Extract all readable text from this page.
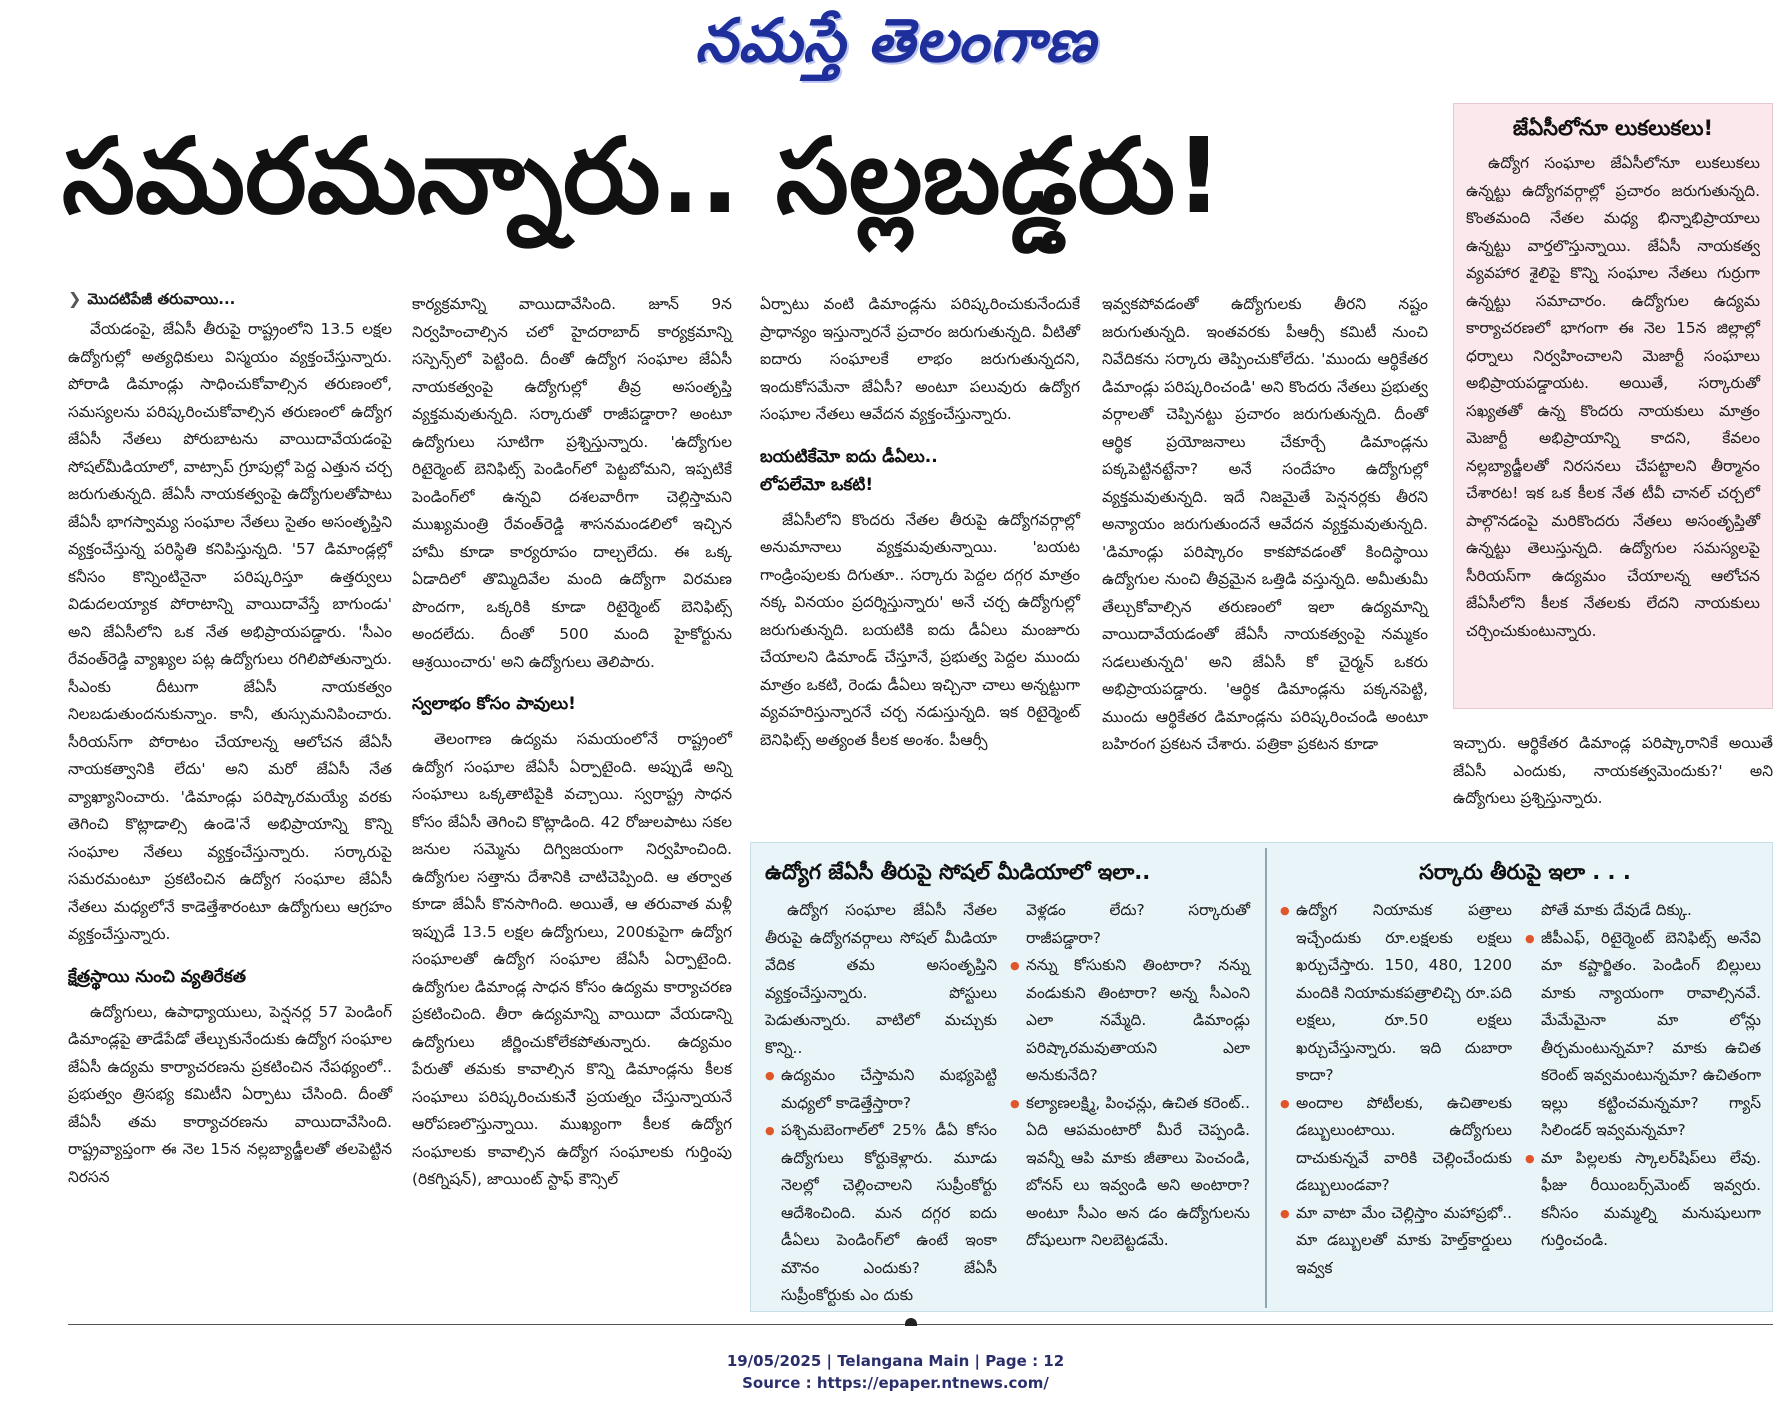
నమస్తే తెలంగాణ
సమరమన్నారు.. సల్లబడ్డరు!
❯ మొదటిపేజీ తరువాయి...

వేయడంపై, జేఏసీ తీరుపై రాష్ట్రంలోని 13.5 లక్షల ఉద్యోగుల్లో అత్యధికులు విస్మయం వ్యక్తంచేస్తున్నారు. పోరాడి డిమాండ్లు సాధించుకోవాల్సిన తరుణంలో, సమస్యలను పరిష్కరించుకోవాల్సిన తరుణంలో ఉద్యోగ జేఏసీ నేతలు పోరుబాటను వాయిదావేయడంపై సోషల్‌మీడియాలో, వాట్సాప్ గ్రూపుల్లో పెద్ద ఎత్తున చర్చ జరుగుతున్నది. జేఏసీ నాయకత్వంపై ఉద్యోగులతోపాటు జేఏసీ భాగస్వామ్య సంఘాల నేతలు సైతం అసంతృప్తిని వ్యక్తంచేస్తున్న పరిస్థితి కనిపిస్తున్నది. '57 డిమాండ్లల్లో కనీసం కొన్నింటినైనా పరిష్కరిస్తూ ఉత్తర్వులు విడుదలయ్యాక పోరాటాన్ని వాయిదావేస్తే బాగుండు' అని జేఏసీలోని ఒక నేత అభిప్రాయపడ్డారు. 'సీఎం రేవంత్‌రెడ్డి వ్యాఖ్యల పట్ల ఉద్యోగులు రగిలిపోతున్నారు. సీఎంకు దీటుగా జేఏసీ నాయకత్వం నిలబడుతుందనుకున్నాం. కానీ, తుస్సుమనిపించారు. సీరియస్‌గా పోరాటం చేయాలన్న ఆలోచన జేఏసీ నాయకత్వానికి లేదు' అని మరో జేఏసీ నేత వ్యాఖ్యానించారు. 'డిమాండ్లు పరిష్కారమయ్యే వరకు తెగించి కొట్లాడాల్సి ఉండె'నే అభిప్రాయాన్ని కొన్ని సంఘాల నేతలు వ్యక్తంచేస్తున్నారు. సర్కారుపై సమరమంటూ ప్రకటించిన ఉద్యోగ సంఘాల జేఏసీ నేతలు మధ్యలోనే కాడెత్తేశారంటూ ఉద్యోగులు ఆగ్రహం వ్యక్తంచేస్తున్నారు.

క్షేత్రస్థాయి నుంచి వ్యతిరేకత

ఉద్యోగులు, ఉపాధ్యాయులు, పెన్షనర్ల 57 పెండింగ్ డిమాండ్లపై తాడేపేడో తేల్చుకునేందుకు ఉద్యోగ సంఘాల జేఏసీ ఉద్యమ కార్యాచరణను ప్రకటించిన నేపథ్యంలో.. ప్రభుత్వం త్రిసభ్య కమిటీని ఏర్పాటు చేసింది. దీంతో జేఏసీ తమ కార్యాచరణను వాయిదావేసింది. రాష్ట్రవ్యాప్తంగా ఈ నెల 15న నల్లబ్యాడ్జీలతో తలపెట్టిన నిరసన

కార్యక్రమాన్ని వాయిదావేసింది. జూన్ 9న నిర్వహించాల్సిన చలో హైదరాబాద్ కార్యక్రమాన్ని సస్పెన్స్‌లో పెట్టింది. దీంతో ఉద్యోగ సంఘాల జేఏసీ నాయకత్వంపై ఉద్యోగుల్లో తీవ్ర అసంతృప్తి వ్యక్తమవుతున్నది. సర్కారుతో రాజీపడ్డారా? అంటూ ఉద్యోగులు సూటిగా ప్రశ్నిస్తున్నారు. 'ఉద్యోగుల రిటైర్మెంట్ బెనిఫిట్స్ పెండింగ్‌లో పెట్టబోమని, ఇప్పటికే పెండింగ్‌లో ఉన్నవి దశలవారీగా చెల్లిస్తామని ముఖ్యమంత్రి రేవంత్‌రెడ్డి శాసనమండలిలో ఇచ్చిన హామీ కూడా కార్యరూపం దాల్చలేదు. ఈ ఒక్క ఏడాదిలో తొమ్మిదివేల మంది ఉద్యోగా విరమణ పొందగా, ఒక్కరికి కూడా రిటైర్మెంట్ బెనిఫిట్స్ అందలేదు. దీంతో 500 మంది హైకోర్టును ఆశ్రయించారు' అని ఉద్యోగులు తెలిపారు.

స్వలాభం కోసం పావులు!

తెలంగాణ ఉద్యమ సమయంలోనే రాష్ట్రంలో ఉద్యోగ సంఘాల జేఏసీ ఏర్పాటైంది. అప్పుడే అన్ని సంఘాలు ఒక్కతాటిపైకి వచ్చాయి. స్వరాష్ట్ర సాధన కోసం జేఏసీ తెగించి కొట్లాడింది. 42 రోజులపాటు సకల జనుల సమ్మెను దిగ్విజయంగా నిర్వహించింది. ఉద్యోగుల సత్తాను దేశానికి చాటిచెప్పింది. ఆ తర్వాత కూడా జేఏసీ కొనసాగింది. అయితే, ఆ తరువాత మళ్లీ ఇప్పుడే 13.5 లక్షల ఉద్యోగులు, 200కుపైగా ఉద్యోగ సంఘాలతో ఉద్యోగ సంఘాల జేఏసీ ఏర్పాటైంది. ఉద్యోగుల డిమాండ్ల సాధన కోసం ఉద్యమ కార్యాచరణ ప్రకటించింది. తీరా ఉద్యమాన్ని వాయిదా వేయడాన్ని ఉద్యోగులు జీర్ణించుకోలేకపోతున్నారు. ఉద్యమం పేరుతో తమకు కావాల్సిన కొన్ని డిమాండ్లను కీలక సంఘాలు పరిష్కరించుకునేే ప్రయత్నం చేస్తున్నాయనే ఆరోపణలొస్తున్నాయి. ముఖ్యంగా కీలక ఉద్యోగ సంఘాలకు కావాల్సిన ఉద్యోగ సంఘాలకు గుర్తింపు (రికగ్నిషన్), జాయింట్ స్టాఫ్ కౌన్సిల్

ఏర్పాటు వంటి డిమాండ్లను పరిష్కరించుకునేందుకే ప్రాధాన్యం ఇస్తున్నారనే ప్రచారం జరుగుతున్నది. వీటితో ఐదారు సంఘాలకే లాభం జరుగుతున్నదని, ఇందుకోసమేనా జేఏసీ? అంటూ పలువురు ఉద్యోగ సంఘాల నేతలు ఆవేదన వ్యక్తంచేస్తున్నారు.

బయటికేమో ఐదు డీఏలు..
లోపలేమో ఒకటి!

జేఏసీలోని కొందరు నేతల తీరుపై ఉద్యోగవర్గాల్లో అనుమానాలు వ్యక్తమవుతున్నాయి. 'బయట గాండ్రింపులకు దిగుతూ.. సర్కారు పెద్దల దగ్గర మాత్రం నక్క వినయం ప్రదర్శిస్తున్నారు' అనే చర్చ ఉద్యోగుల్లో జరుగుతున్నది. బయటికి ఐదు డీఏలు మంజూరు చేయాలని డిమాండ్ చేస్తూనే, ప్రభుత్వ పెద్దల ముందు మాత్రం ఒకటి, రెండు డీఏలు ఇచ్చినా చాలు అన్నట్టుగా వ్యవహరిస్తున్నారనే చర్చ నడుస్తున్నది. ఇక రిటైర్మెంట్ బెనిఫిట్స్ అత్యంత కీలక అంశం. పీఆర్సీ

ఇవ్వకపోవడంతో ఉద్యోగులకు తీరని నష్టం జరుగుతున్నది. ఇంతవరకు పీఆర్సీ కమిటీ నుంచి నివేదికను సర్కారు తెప్పించుకోలేదు. 'ముందు ఆర్థికేతర డిమాండ్లు పరిష్కరించండి' అని కొందరు నేతలు ప్రభుత్వ వర్గాలతో చెప్పినట్టు ప్రచారం జరుగుతున్నది. దీంతో ఆర్థిక ప్రయోజనాలు చేకూర్చే డిమాండ్లను పక్కపెట్టినట్టేనా? అనే సందేహం ఉద్యోగుల్లో వ్యక్తమవుతున్నది. ఇదే నిజమైతే పెన్షనర్లకు తీరని అన్యాయం జరుగుతుందనే ఆవేదన వ్యక్తమవుతున్నది. 'డిమాండ్లు పరిష్కారం కాకపోవడంతో కిందిస్థాయి ఉద్యోగుల నుంచి తీవ్రమైన ఒత్తిడి వస్తున్నది. అమీతుమీ తేల్చుకోవాల్సిన తరుణంలో ఇలా ఉద్యమాన్ని వాయిదావేయడంతో జేఏసీ నాయకత్వంపై నమ్మకం సడలుతున్నది' అని జేఏసీ కో చైర్మన్ ఒకరు అభిప్రాయపడ్డారు. 'ఆర్థిక డిమాండ్లను పక్కనపెట్టి, ముందు ఆర్థికేతర డిమాండ్లను పరిష్కరించండి అంటూ బహిరంగ ప్రకటన చేశారు. పత్రికా ప్రకటన కూడా

జేఏసీలోనూ లుకలుకలు!
ఉద్యోగ సంఘాల జేఏసీలోనూ లుకలుకలు ఉన్నట్టు ఉద్యోగవర్గాల్లో ప్రచారం జరుగుతున్నది. కొంతమంది నేతల మధ్య భిన్నాభిప్రాయాలు ఉన్నట్టు వార్తలొస్తున్నాయి. జేఏసీ నాయకత్వ వ్యవహార శైలిపై కొన్ని సంఘాల నేతలు గుర్రుగా ఉన్నట్టు సమాచారం. ఉద్యోగుల ఉద్యమ కార్యాచరణలో భాగంగా ఈ నెల 15న జిల్లాల్లో ధర్నాలు నిర్వహించాలని మెజార్టీ సంఘాలు అభిప్రాయపడ్డాయట. అయితే, సర్కారుతో సఖ్యతతో ఉన్న కొందరు నాయకులు మాత్రం మెజార్టీ అభిప్రాయాన్ని కాదని, కేవలం నల్లబ్యాడ్జీలతో నిరసనలు చేపట్టాలని తీర్మానం చేశారట! ఇక ఒక కీలక నేత టీవీ చానల్ చర్చలో పాల్గొనడంపై మరికొందరు నేతలు అసంతృప్తితో ఉన్నట్టు తెలుస్తున్నది. ఉద్యోగుల సమస్యలపై సీరియస్‌గా ఉద్యమం చేయాలన్న ఆలోచన జేఏసీలోని కీలక నేతలకు లేదని నాయకులు చర్చించుకుంటున్నారు.

ఇచ్చారు. ఆర్థికేతర డిమాండ్ల పరిష్కారానికే అయితే జేఏసీ ఎందుకు, నాయకత్వమెందుకు?' అని ఉద్యోగులు ప్రశ్నిస్తున్నారు.

ఉద్యోగ జేఏసీ తీరుపై సోషల్ మీడియాలో ఇలా..	సర్కారు తీరుపై ఇలా . . .

ఉద్యోగ సంఘాల జేఏసీ నేతల తీరుపై ఉద్యోగవర్గాలు సోషల్ మీడియా వేదిక తమ అసంతృప్తిని వ్యక్తంచేస్తున్నారు. పోస్టులు పెడుతున్నారు. వాటిలో మచ్చుకు కొన్ని..

● ఉద్యమం చేస్తామని మభ్యపెట్టి మధ్యలో కాడెత్తేస్తారా?
● పశ్చిమబెంగాల్‌లో 25% డీఏ కోసం ఉద్యోగులు కోర్టుకెళ్లారు. మూడు నెలల్లో చెల్లించాలని సుప్రీంకోర్టు ఆదేశించింది. మన దగ్గర ఐదు డీఏలు పెండింగ్‌లో ఉంటే ఇంకా మౌనం ఎందుకు? జేఏసీ సుప్రీంకోర్టుకు ఎం దుకు
వెళ్లడం లేదు? సర్కారుతో రాజీపడ్డారా?
● నన్ను కోసుకుని తింటారా? నన్ను వండుకుని తింటారా? అన్న సీఎంని ఎలా నమ్మేది. డిమాండ్లు పరిష్కారమవుతాయని ఎలా అనుకునేది?
● కల్యాణలక్ష్మి, పింఛన్లు, ఉచిత కరెంట్.. ఏది ఆపమంటారో మీరే చెప్పండి. ఇవన్నీ ఆపి మాకు జీతాలు పెంచండి, బోనస్ లు ఇవ్వండి అని అంటారా? అంటూ సీఎం అన డం ఉద్యోగులను దోషులుగా నిలబెట్టడమే.
● ఉద్యోగ నియామక పత్రాలు ఇచ్చేందుకు రూ.లక్షలకు లక్షలు ఖర్చుచేస్తారు. 150, 480, 1200 మందికి నియామకపత్రాలిచ్చి రూ.పది లక్షలు, రూ.50 లక్షలు ఖర్చుచేస్తున్నారు. ఇది దుబారా కాదా?
● అందాల పోటీలకు, ఉచితాలకు డబ్బులుంటాయి. ఉద్యోగులు దాచుకున్నవే వారికి చెల్లించేందుకు డబ్బులుండవా?
● మా వాటా మేం చెల్లిస్తాం మహాప్రభో.. మా డబ్బులతో మాకు హెల్త్‌కార్డులు ఇవ్వక
పోతే మాకు దేవుడే దిక్కు.
● జీపీఎఫ్, రిటైర్మెంట్ బెనిఫిట్స్ అనేవి మా కష్టార్జితం. పెండింగ్ బిల్లులు మాకు న్యాయంగా రావాల్సినవే. మేమేమైనా మా లోన్లు తీర్చమంటున్నమా? మాకు ఉచిత కరెంట్ ఇవ్వమంటున్నమా? ఉచితంగా ఇల్లు కట్టించమన్నమా? గ్యాస్ సిలిండర్ ఇవ్వమన్నమా?
● మా పిల్లలకు స్కాలర్‌షిప్‌లు లేవు. ఫీజు రీయింబర్స్‌మెంట్ ఇవ్వరు. కనీసం మమ్మల్ని మనుషులుగా గుర్తించండి.
19/05/2025 | Telangana Main | Page : 12
Source : https://epaper.ntnews.com/
